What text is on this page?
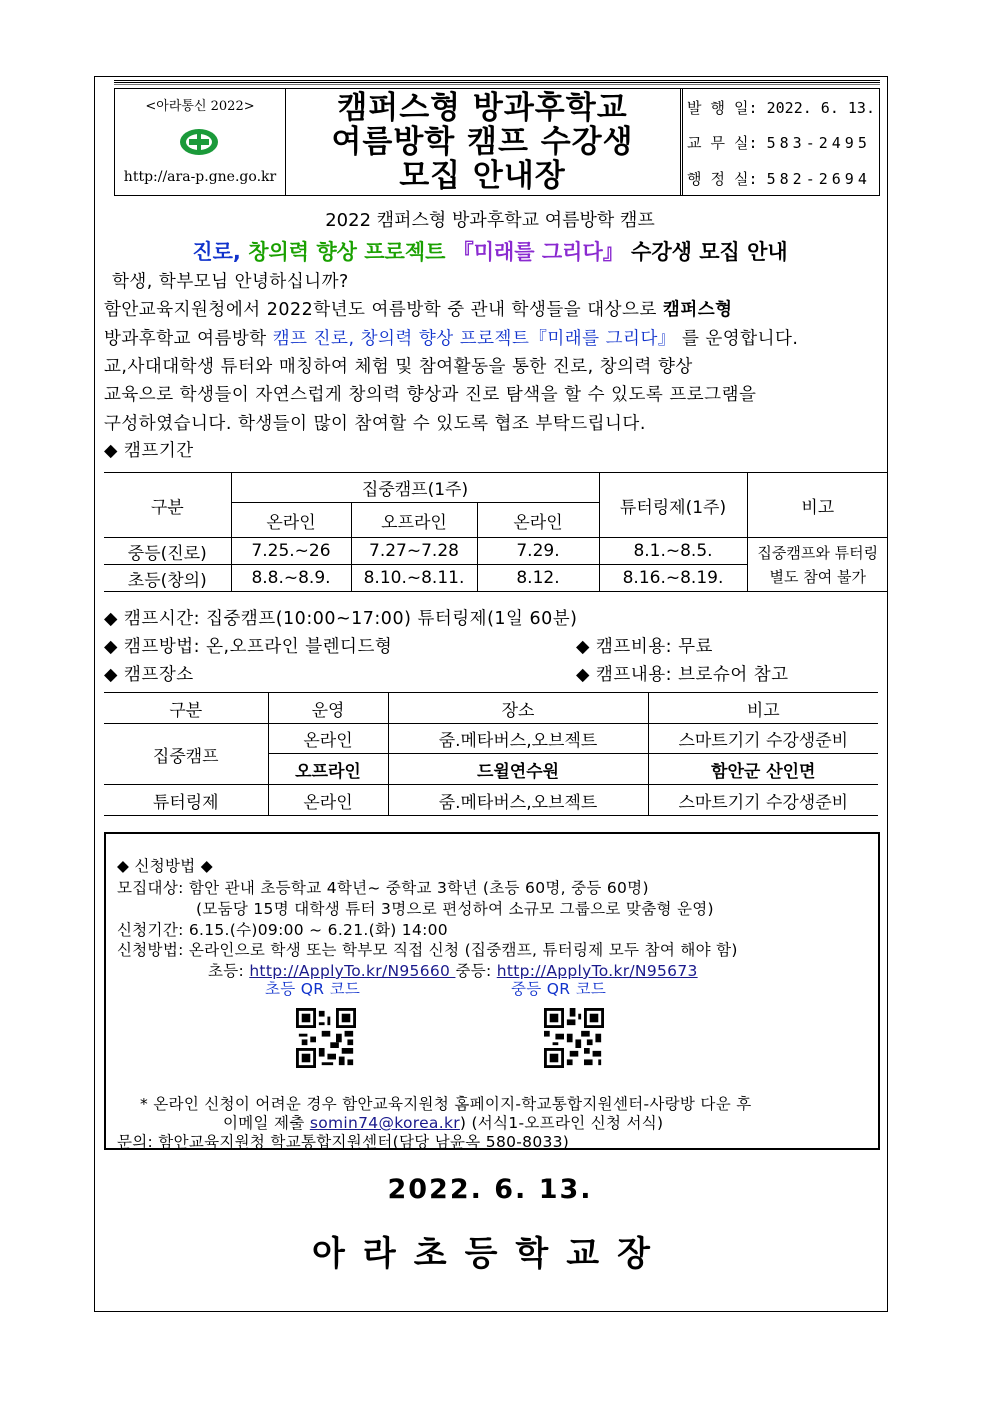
<아라통신 2022>
http://ara-p.gne.go.kr
캠퍼스형 방과후학교
여름방학 캠프 수강생
모집 안내장
발 행 일: 2022. 6. 13.
교 무 실: 583-2495
행 정 실: 582-2694
2022 캠퍼스형 방과후학교 여름방학 캠프
진로, 창의력 향상 프로젝트 『미래를 그리다』 수강생 모집 안내
학생, 학부모님 안녕하십니까?
함안교육지원청에서 2022학년도 여름방학 중 관내 학생들을 대상으로 캠퍼스형
방과후학교 여름방학 캠프 진로, 창의력 향상 프로젝트『미래를 그리다』 를 운영합니다.
교,사대대학생 튜터와 매칭하여 체험 및 참여활동을 통한 진로, 창의력 향상
교육으로 학생들이 자연스럽게 창의력 향상과 진로 탐색을 할 수 있도록 프로그램을
구성하였습니다. 학생들이 많이 참여할 수 있도록 협조 부탁드립니다.
◆ 캠프기간
구분	집중캠프(1주)			튜터링제(1주)	비고
	온라인	오프라인	온라인		
중등(진로)	7.25.~26	7.27~7.28	7.29.	8.1.~8.5.	집중캠프와 튜터링
별도 참여 불가

초등(창의)	8.8.~8.9.	8.10.~8.11.	8.12.	8.16.~8.19.	
◆ 캠프시간: 집중캠프(10:00~17:00) 튜터링제(1일 60분)
◆ 캠프방법: 온,오프라인 블렌디드형	◆ 캠프비용: 무료
◆ 캠프장소	◆ 캠프내용: 브로슈어 참고
구분	운영	장소	비고
집중캠프	온라인	줌.메타버스,오브젝트	스마트기기 수강생준비
	오프라인	드윌연수원	함안군 산인면
튜터링제	온라인	줌.메타버스,오브젝트	스마트기기 수강생준비
◆ 신청방법 ◆
모집대상: 함안 관내 초등학교 4학년~ 중학교 3학년 (초등 60명, 중등 60명)
(모둠당 15명 대학생 튜터 3명으로 편성하여 소규모 그룹으로 맞춤형 운영)
신청기간: 6.15.(수)09:00 ~ 6.21.(화) 14:00
신청방법: 온라인으로 학생 또는 학부모 직접 신청 (집중캠프, 튜터링제 모두 참여 해야 함)
초등: http://ApplyTo.kr/N95660 중등: http://ApplyTo.kr/N95673
초등 QR 코드	중등 QR 코드
* 온라인 신청이 어려운 경우 함안교육지원청 홈페이지-학교통합지원센터-사랑방 다운 후
이메일 제출 somin74@korea.kr) (서식1-오프라인 신청 서식)
문의: 함안교육지원청 학교통합지원센터(담당 남윤옥 580-8033)
2022. 6. 13.
아라초등학교장
